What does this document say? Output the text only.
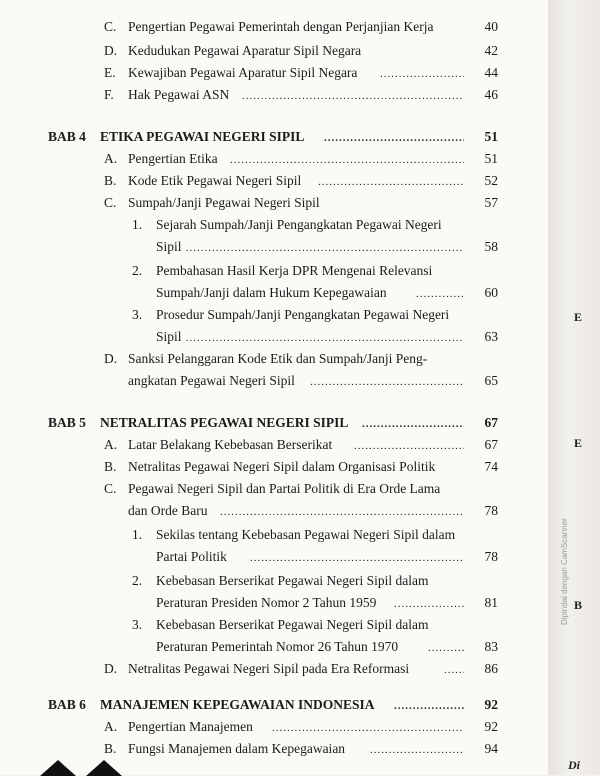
E
E
B
Di
Dipindai dengan CamScanner
C. Pengertian Pegawai Pemerintah dengan Perjanjian Kerja	40
D. Kedudukan Pegawai Aparatur Sipil Negara	42
E. Kewajiban Pegawai Aparatur Sipil Negara .....	44
F. Hak Pegawai ASN .....	46
BAB 4 ETIKA PEGAWAI NEGERI SIPIL .....	51
A. Pengertian Etika .....	51
B. Kode Etik Pegawai Negeri Sipil .....	52
C. Sumpah/Janji Pegawai Negeri Sipil	57
1. Sejarah Sumpah/Janji Pengangkatan Pegawai Negeri
Sipil .....	58
2. Pembahasan Hasil Kerja DPR Mengenai Relevansi
Sumpah/Janji dalam Hukum Kepegawaian .....	60
3. Prosedur Sumpah/Janji Pengangkatan Pegawai Negeri
Sipil .....	63
D. Sanksi Pelanggaran Kode Etik dan Sumpah/Janji Peng-
angkatan Pegawai Negeri Sipil .....	65
BAB 5 NETRALITAS PEGAWAI NEGERI SIPIL .....	67
A. Latar Belakang Kebebasan Berserikat .....	67
B. Netralitas Pegawai Negeri Sipil dalam Organisasi Politik	74
C. Pegawai Negeri Sipil dan Partai Politik di Era Orde Lama
dan Orde Baru .....	78
1. Sekilas tentang Kebebasan Pegawai Negeri Sipil dalam
Partai Politik .....	78
2. Kebebasan Berserikat Pegawai Negeri Sipil dalam
Peraturan Presiden Nomor 2 Tahun 1959 .....	81
3. Kebebasan Berserikat Pegawai Negeri Sipil dalam
Peraturan Pemerintah Nomor 26 Tahun 1970 .....	83
D. Netralitas Pegawai Negeri Sipil pada Era Reformasi .....	86
BAB 6 MANAJEMEN KEPEGAWAIAN INDONESIA .....	92
A. Pengertian Manajemen .....	92
B. Fungsi Manajemen dalam Kepegawaian .....	94
